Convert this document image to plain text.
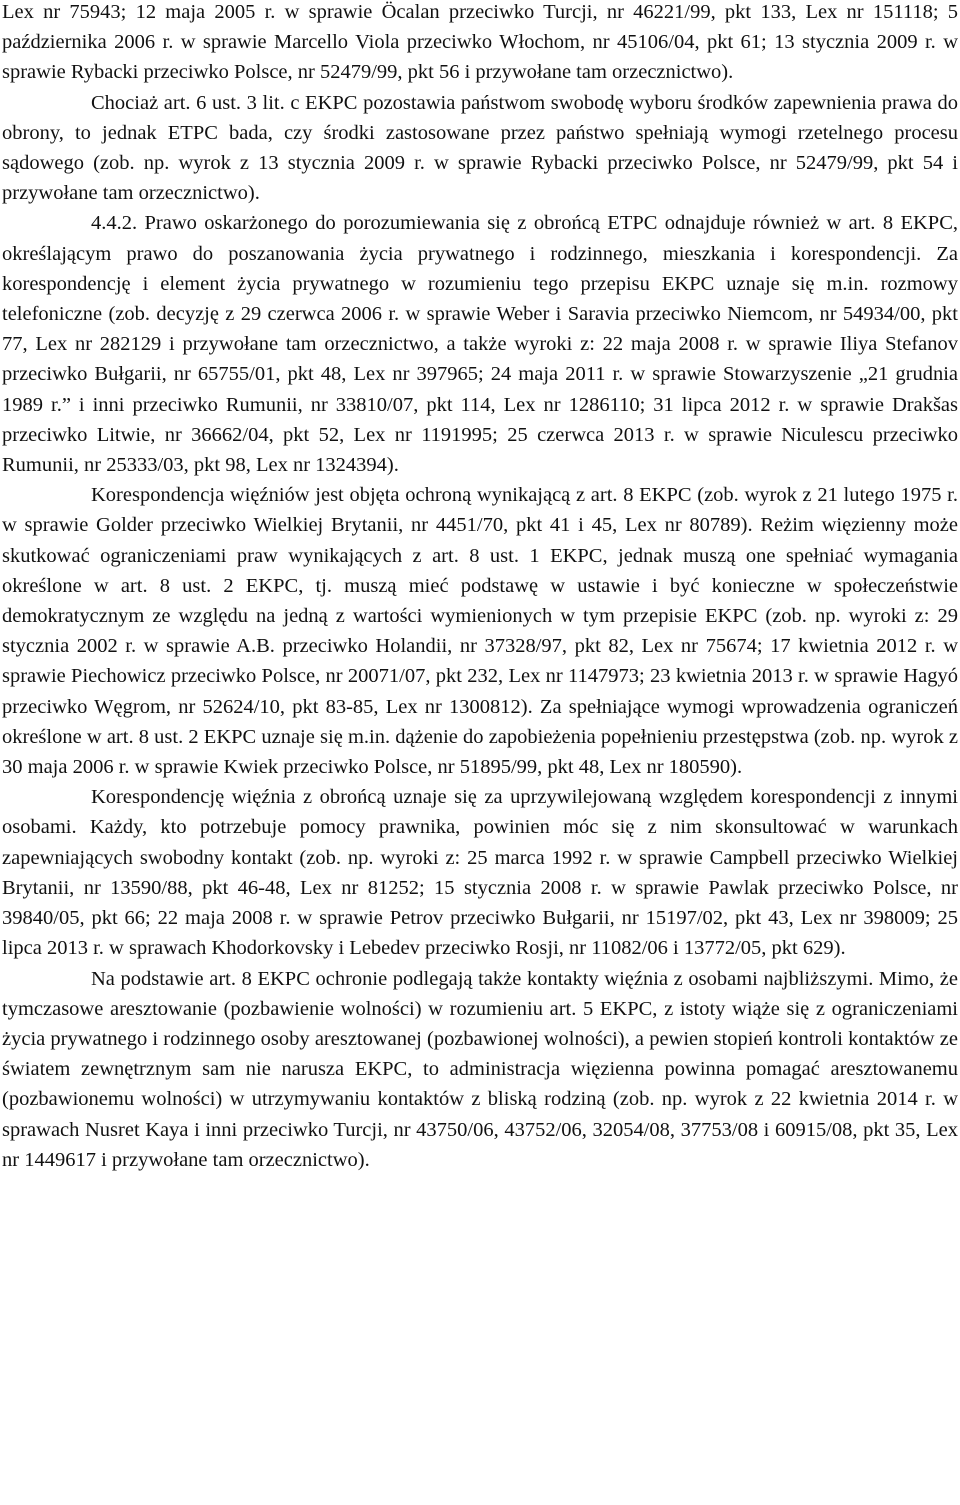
Lex nr 75943; 12 maja 2005 r. w sprawie Öcalan przeciwko Turcji, nr 46221/99, pkt 133, Lex nr 151118; 5 października 2006 r. w sprawie Marcello Viola przeciwko Włochom, nr 45106/04, pkt 61; 13 stycznia 2009 r. w sprawie Rybacki przeciwko Polsce, nr 52479/99, pkt 56 i przywołane tam orzecznictwo).

Chociaż art. 6 ust. 3 lit. c EKPC pozostawia państwom swobodę wyboru środków zapewnienia prawa do obrony, to jednak ETPC bada, czy środki zastosowane przez państwo spełniają wymogi rzetelnego procesu sądowego (zob. np. wyrok z 13 stycznia 2009 r. w sprawie Rybacki przeciwko Polsce, nr 52479/99, pkt 54 i przywołane tam orzecznictwo).

4.4.2. Prawo oskarżonego do porozumiewania się z obrońcą ETPC odnajduje również w art. 8 EKPC, określającym prawo do poszanowania życia prywatnego i rodzinnego, mieszkania i korespondencji. Za korespondencję i element życia prywatnego w rozumieniu tego przepisu EKPC uznaje się m.in. rozmowy telefoniczne (zob. decyzję z 29 czerwca 2006 r. w sprawie Weber i Saravia przeciwko Niemcom, nr 54934/00, pkt 77, Lex nr 282129 i przywołane tam orzecznictwo, a także wyroki z: 22 maja 2008 r. w sprawie Iliya Stefanov przeciwko Bułgarii, nr 65755/01, pkt 48, Lex nr 397965; 24 maja 2011 r. w sprawie Stowarzyszenie „21 grudnia 1989 r.” i inni przeciwko Rumunii, nr 33810/07, pkt 114, Lex nr 1286110; 31 lipca 2012 r. w sprawie Drakšas przeciwko Litwie, nr 36662/04, pkt 52, Lex nr 1191995; 25 czerwca 2013 r. w sprawie Niculescu przeciwko Rumunii, nr 25333/03, pkt 98, Lex nr 1324394).

Korespondencja więźniów jest objęta ochroną wynikającą z art. 8 EKPC (zob. wyrok z 21 lutego 1975 r. w sprawie Golder przeciwko Wielkiej Brytanii, nr 4451/70, pkt 41 i 45, Lex nr 80789). Reżim więzienny może skutkować ograniczeniami praw wynikających z art. 8 ust. 1 EKPC, jednak muszą one spełniać wymagania określone w art. 8 ust. 2 EKPC, tj. muszą mieć podstawę w ustawie i być konieczne w społeczeństwie demokratycznym ze względu na jedną z wartości wymienionych w tym przepisie EKPC (zob. np. wyroki z: 29 stycznia 2002 r. w sprawie A.B. przeciwko Holandii, nr 37328/97, pkt 82, Lex nr 75674; 17 kwietnia 2012 r. w sprawie Piechowicz przeciwko Polsce, nr 20071/07, pkt 232, Lex nr 1147973; 23 kwietnia 2013 r. w sprawie Hagyó przeciwko Węgrom, nr 52624/10, pkt 83-85, Lex nr 1300812). Za spełniające wymogi wprowadzenia ograniczeń określone w art. 8 ust. 2 EKPC uznaje się m.in. dążenie do zapobieżenia popełnieniu przestępstwa (zob. np. wyrok z 30 maja 2006 r. w sprawie Kwiek przeciwko Polsce, nr 51895/99, pkt 48, Lex nr 180590).

Korespondencję więźnia z obrońcą uznaje się za uprzywilejowaną względem korespondencji z innymi osobami. Każdy, kto potrzebuje pomocy prawnika, powinien móc się z nim skonsultować w warunkach zapewniających swobodny kontakt (zob. np. wyroki z: 25 marca 1992 r. w sprawie Campbell przeciwko Wielkiej Brytanii, nr 13590/88, pkt 46-48, Lex nr 81252; 15 stycznia 2008 r. w sprawie Pawlak przeciwko Polsce, nr 39840/05, pkt 66; 22 maja 2008 r. w sprawie Petrov przeciwko Bułgarii, nr 15197/02, pkt 43, Lex nr 398009; 25 lipca 2013 r. w sprawach Khodorkovsky i Lebedev przeciwko Rosji, nr 11082/06 i 13772/05, pkt 629).

Na podstawie art. 8 EKPC ochronie podlegają także kontakty więźnia z osobami najbliższymi. Mimo, że tymczasowe aresztowanie (pozbawienie wolności) w rozumieniu art. 5 EKPC, z istoty wiąże się z ograniczeniami życia prywatnego i rodzinnego osoby aresztowanej (pozbawionej wolności), a pewien stopień kontroli kontaktów ze światem zewnętrznym sam nie narusza EKPC, to administracja więzienna powinna pomagać aresztowanemu (pozbawionemu wolności) w utrzymywaniu kontaktów z bliską rodziną (zob. np. wyrok z 22 kwietnia 2014 r. w sprawach Nusret Kaya i inni przeciwko Turcji, nr 43750/06, 43752/06, 32054/08, 37753/08 i 60915/08, pkt 35, Lex nr 1449617 i przywołane tam orzecznictwo).
